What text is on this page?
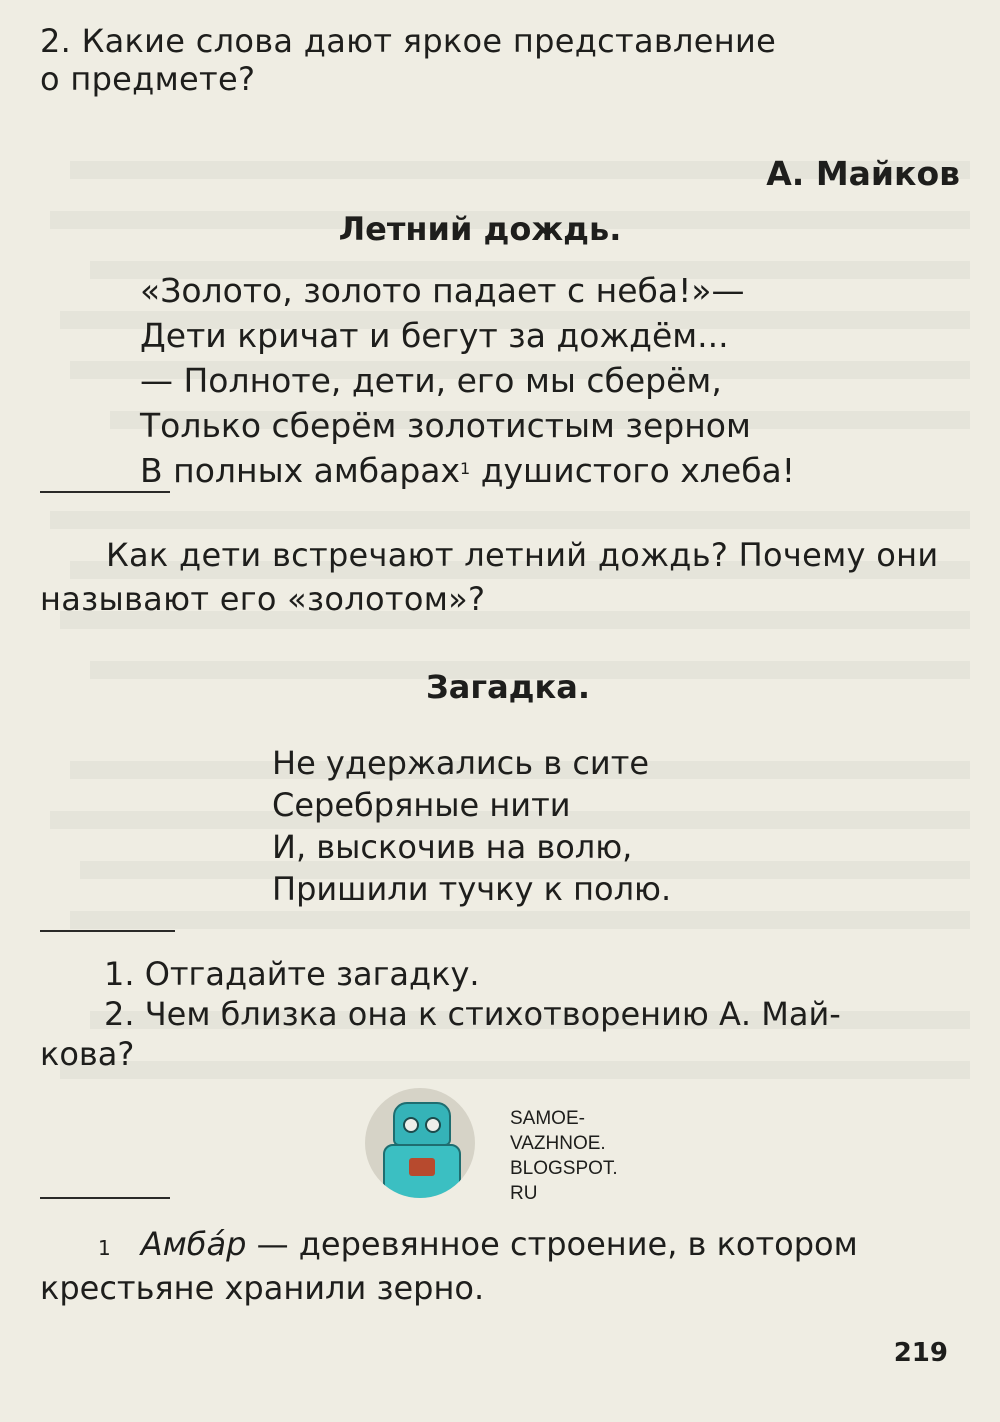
2. Какие слова дают яркое представление
о предмете?
А. Майков
Летний дождь.
«Золото, золото падает с неба!»—
Дети кричат и бегут за дождём...
— Полноте, дети, его мы сберём,
Только сберём золотистым зерном
В полных амбарах$^1$ душистого хлеба!
Как дети встречают летний дождь? Почему они называют его «золотом»?
Загадка.
Не удержались в сите
Серебряные нити
И, выскочив на волю,
Пришили тучку к полю.
1. Отгадайте загадку.
2. Чем близка она к стихотворению А. Май-
кова?
SAMOE-VAZHNOE.
BLOGSPOT.
RU
$^1$ Амба́р — деревянное строение, в котором крестьяне хранили зерно.
219
